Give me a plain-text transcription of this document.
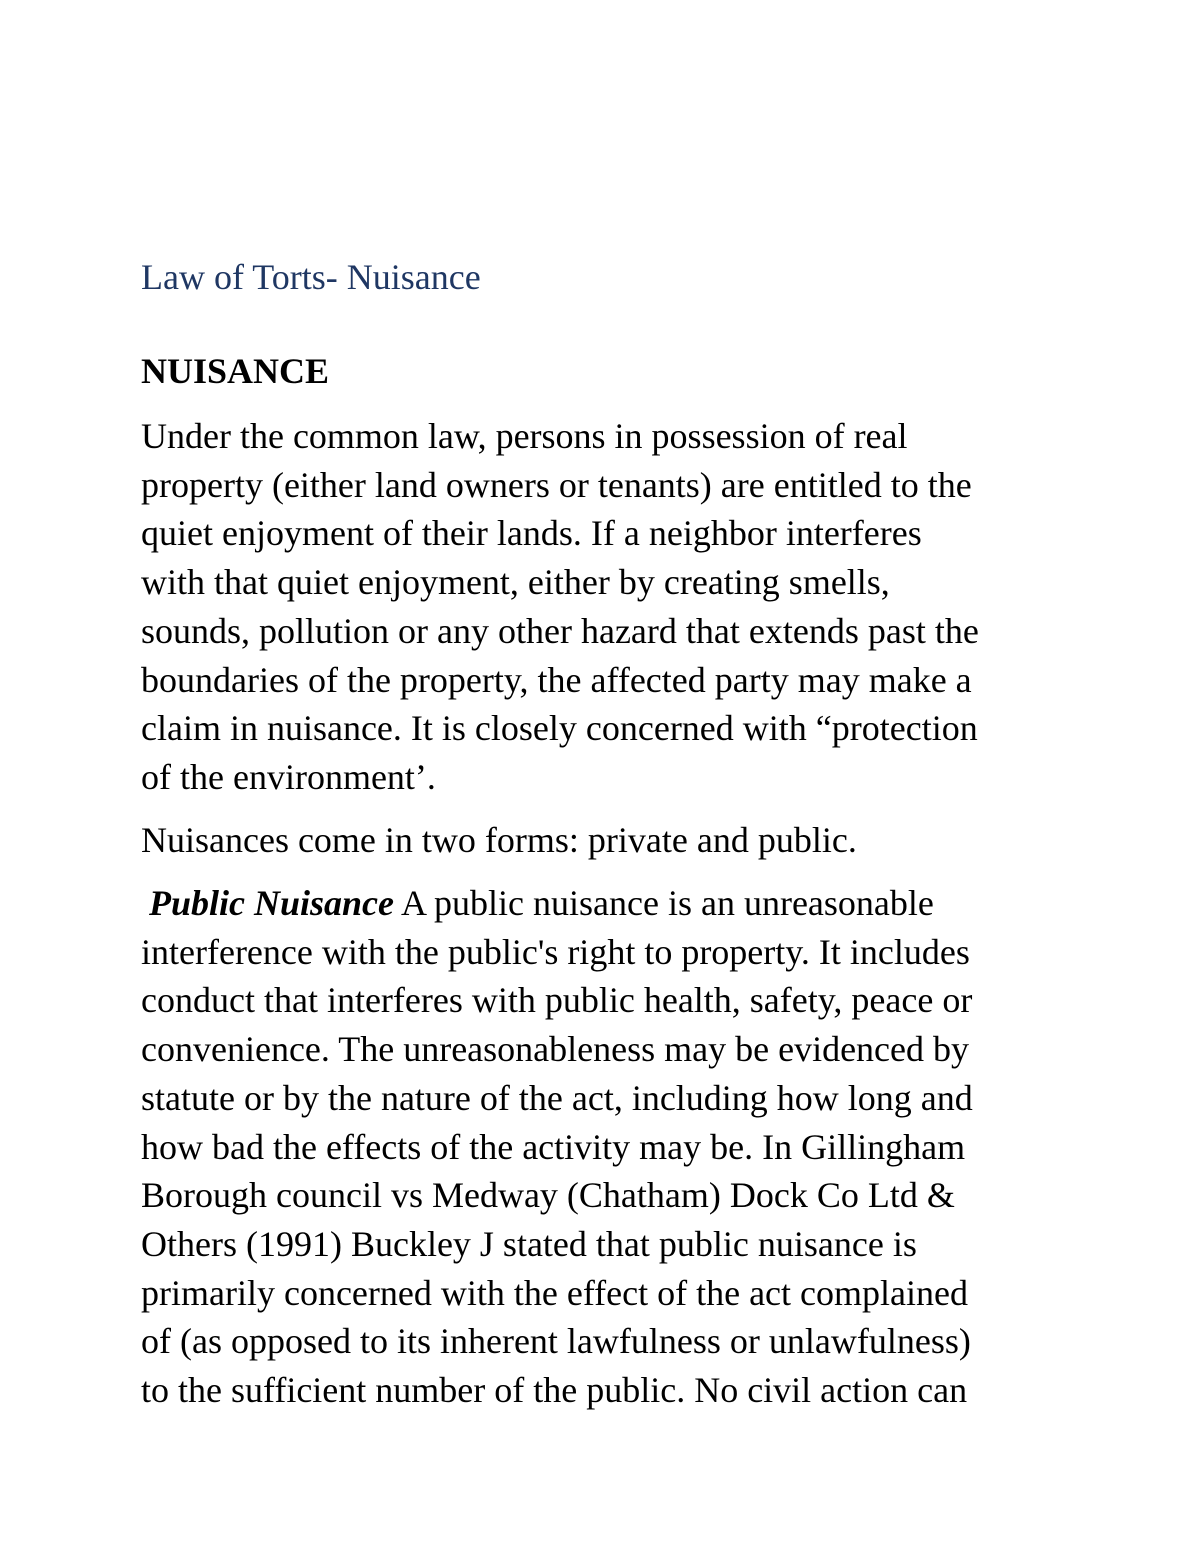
Law of Torts- Nuisance
NUISANCE

Under the common law, persons in possession of real
property (either land owners or tenants) are entitled to the
quiet enjoyment of their lands. If a neighbor interferes
with that quiet enjoyment, either by creating smells,
sounds, pollution or any other hazard that extends past the
boundaries of the property, the affected party may make a
claim in nuisance. It is closely concerned with “protection
of the environment’.

Nuisances come in two forms: private and public.

Public Nuisance A public nuisance is an unreasonable
interference with the public's right to property. It includes
conduct that interferes with public health, safety, peace or
convenience. The unreasonableness may be evidenced by
statute or by the nature of the act, including how long and
how bad the effects of the activity may be. In Gillingham
Borough council vs Medway (Chatham) Dock Co Ltd &
Others (1991) Buckley J stated that public nuisance is
primarily concerned with the effect of the act complained
of (as opposed to its inherent lawfulness or unlawfulness)
to the sufficient number of the public. No civil action can
